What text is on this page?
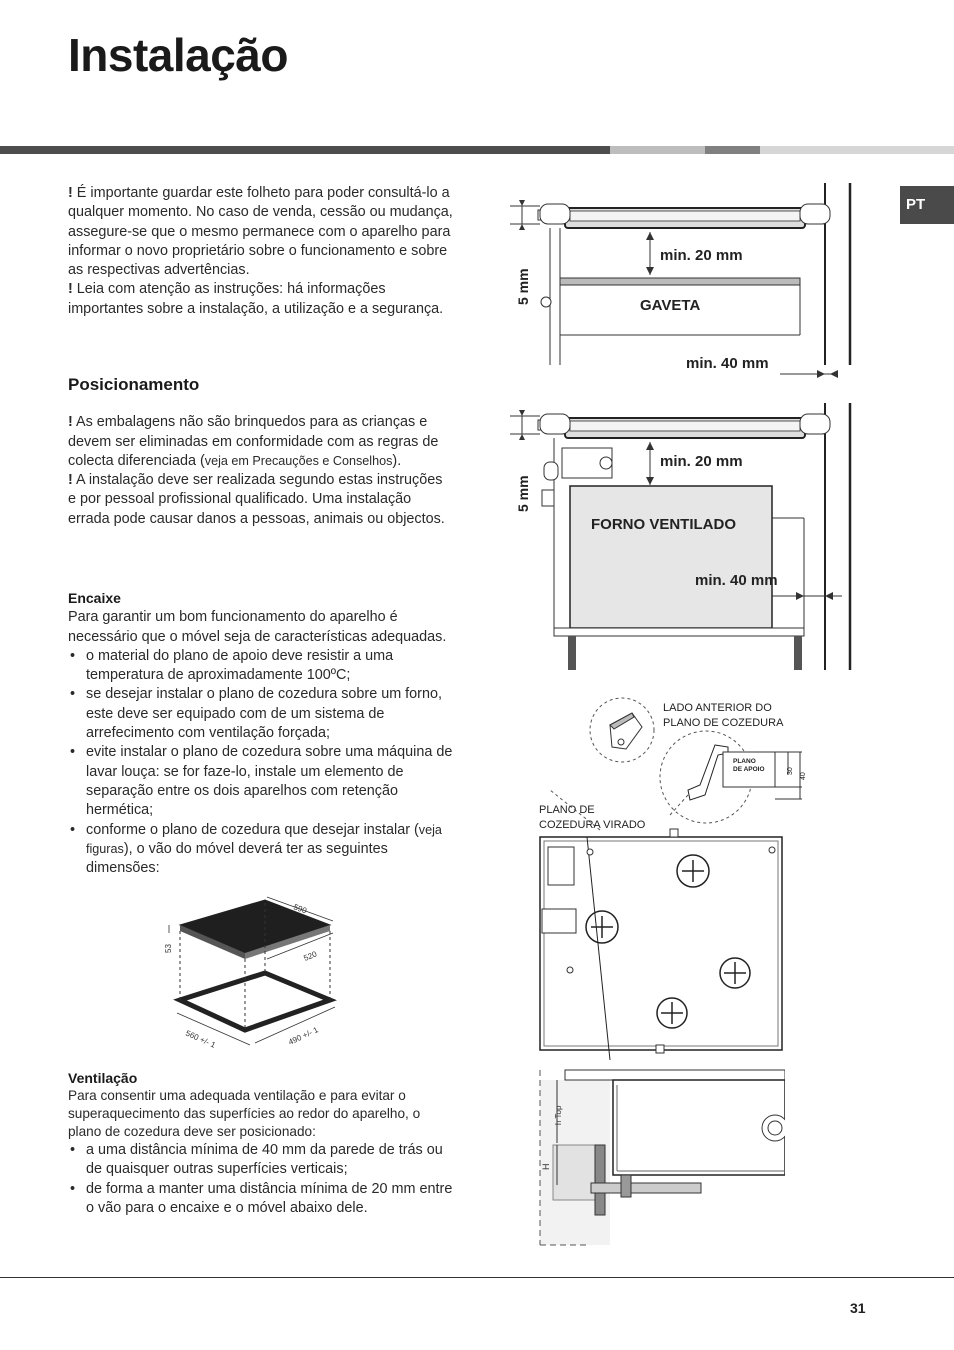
Instalação
PT

! É importante guardar este folheto para poder consultá-lo a qualquer momento. No caso de venda, cessão ou mudança, assegure-se que o mesmo permanece com o aparelho para informar o novo proprietário sobre o funcionamento e sobre as respectivas advertências.

! Leia com atenção as instruções: há informações importantes sobre a instalação, a utilização e a segurança.

Posicionamento

! As embalagens não são brinquedos para as crianças e devem ser eliminadas em conformidade com as regras de colecta diferenciada (veja em Precauções e Conselhos).

! A instalação deve ser realizada segundo estas instruções e por pessoal profissional qualificado. Uma instalação errada pode causar danos a pessoas, animais ou objectos.

Encaixe

Para garantir um bom funcionamento do aparelho é necessário que o móvel seja de características adequadas.

• o material do plano de apoio deve resistir a uma temperatura de aproximadamente 100ºC;
• se desejar instalar o plano de cozedura sobre um forno, este deve ser equipado com de um sistema de arrefecimento com ventilação forçada;
• evite instalar o plano de cozedura sobre uma máquina de lavar louça: se for faze-lo, instale um elemento de separação entre os dois aparelhos com retenção hermética;
• conforme o plano de cozedura que desejar instalar (veja figuras), o vão do móvel deverá ter as seguintes dimensões:
Ventilação

Para consentir uma adequada ventilação e para evitar o superaquecimento das superfícies ao redor do aparelho, o plano de cozedura deve ser posicionado:

• a uma distância mínima de 40 mm da parede de trás ou de quaisquer outras superfícies verticais;
• de forma a manter uma distância mínima de 20 mm entre o vão para o encaixe e o móvel abaixo dele.
590
53
520
560 +/- 1	490 +/- 1
5 mm
min. 20 mm
GAVETA
min. 40 mm
5 mm
min. 20 mm
FORNO VENTILADO
min. 40 mm
LADO ANTERIOR DO
PLANO DE COZEDURA
PLANO
DE APOIO	30
40
PLANO DE
COZEDURA VIRADO
h Top
H
31
